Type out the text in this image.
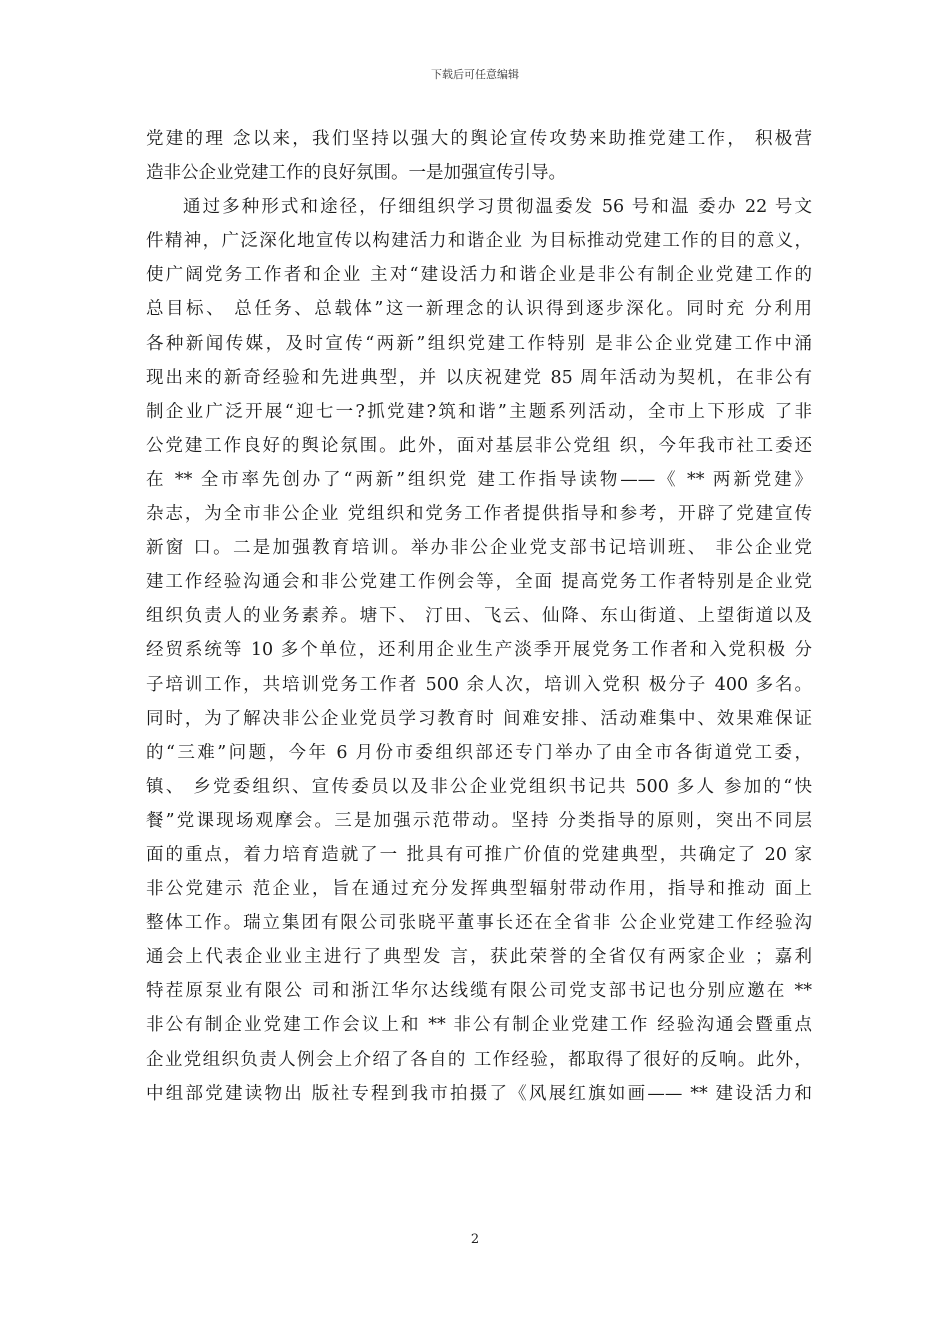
下载后可任意编辑
党建的理 念以来，我们坚持以强大的舆论宣传攻势来助推党建工作， 积极营
造非公企业党建工作的良好氛围。一是加强宣传引导。
通过多种形式和途径，仔细组织学习贯彻温委发 56 号和温 委办 22 号文
件精神，广泛深化地宣传以构建活力和谐企业 为目标推动党建工作的目的意义，
使广阔党务工作者和企业 主对“建设活力和谐企业是非公有制企业党建工作的
总目标、 总任务、总载体”这一新理念的认识得到逐步深化。同时充 分利用
各种新闻传媒，及时宣传“两新”组织党建工作特别 是非公企业党建工作中涌
现出来的新奇经验和先进典型，并 以庆祝建党 85 周年活动为契机，在非公有
制企业广泛开展“迎七一?抓党建?筑和谐”主题系列活动，全市上下形成 了非
公党建工作良好的舆论氛围。此外，面对基层非公党组 织，今年我市社工委还
在 ** 全市率先创办了“两新”组织党 建工作指导读物——《 ** 两新党建》
杂志，为全市非公企业 党组织和党务工作者提供指导和参考，开辟了党建宣传
新窗 口。二是加强教育培训。举办非公企业党支部书记培训班、 非公企业党
建工作经验沟通会和非公党建工作例会等，全面 提高党务工作者特别是企业党
组织负责人的业务素养。塘下、 汀田、飞云、仙降、东山街道、上望街道以及
经贸系统等 10 多个单位，还利用企业生产淡季开展党务工作者和入党积极 分
子培训工作，共培训党务工作者 500 余人次，培训入党积 极分子 400 多名。
同时，为了解决非公企业党员学习教育时 间难安排、活动难集中、效果难保证
的“三难”问题，今年 6 月份市委组织部还专门举办了由全市各街道党工委，
镇、 乡党委组织、宣传委员以及非公企业党组织书记共 500 多人 参加的“快
餐”党课现场观摩会。三是加强示范带动。坚持 分类指导的原则，突出不同层
面的重点，着力培育造就了一 批具有可推广价值的党建典型，共确定了 20 家
非公党建示 范企业，旨在通过充分发挥典型辐射带动作用，指导和推动 面上
整体工作。瑞立集团有限公司张晓平董事长还在全省非 公企业党建工作经验沟
通会上代表企业业主进行了典型发 言，获此荣誉的全省仅有两家企业 ；嘉利
特茬原泵业有限公 司和浙江华尔达线缆有限公司党支部书记也分别应邀在 **
非公有制企业党建工作会议上和 ** 非公有制企业党建工作 经验沟通会暨重点
企业党组织负责人例会上介绍了各自的 工作经验，都取得了很好的反响。此外，
中组部党建读物出 版社专程到我市拍摄了《风展红旗如画—— ** 建设活力和
2
